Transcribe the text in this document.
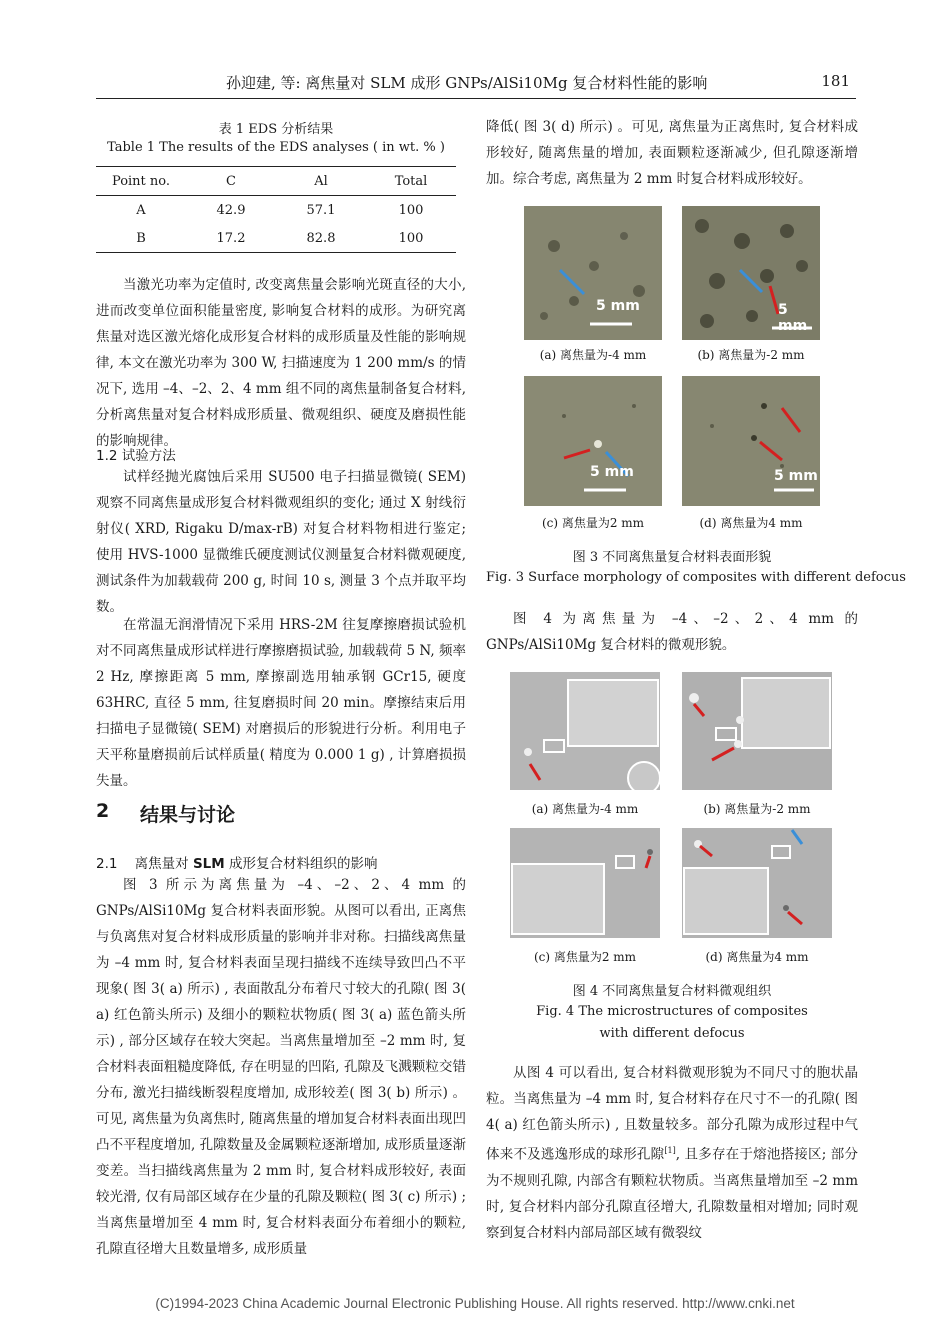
孙迎建, 等: 离焦量对 SLM 成形 GNPs/AlSi10Mg 复合材料性能的影响	181
表 1 EDS 分析结果
Table 1 The results of the EDS analyses ( in wt. % )
Point no.	C	Al	Total
A	42.9	57.1	100
B	17.2	82.8	100

当激光功率为定值时, 改变离焦量会影响光斑直径的大小, 进而改变单位面积能量密度, 影响复合材料的成形。为研究离焦量对选区激光熔化成形复合材料的成形质量及性能的影响规律, 本文在激光功率为 300 W, 扫描速度为 1 200 mm/s 的情况下, 选用 –4、–2、2、4 mm 组不同的离焦量制备复合材料, 分析离焦量对复合材料成形质量、微观组织、硬度及磨损性能的影响规律。

1.2 试验方法

试样经抛光腐蚀后采用 SU500 电子扫描显微镜( SEM) 观察不同离焦量成形复合材料微观组织的变化; 通过 X 射线衍射仪( XRD, Rigaku D/max-rB) 对复合材料物相进行鉴定; 使用 HVS-1000 显微维氏硬度测试仪测量复合材料微观硬度, 测试条件为加载载荷 200 g, 时间 10 s, 测量 3 个点并取平均数。

在常温无润滑情况下采用 HRS-2M 往复摩擦磨损试验机对不同离焦量成形试样进行摩擦磨损试验, 加载载荷 5 N, 频率 2 Hz, 摩擦距离 5 mm, 摩擦副选用轴承钢 GCr15, 硬度 63HRC, 直径 5 mm, 往复磨损时间 20 min。摩擦结束后用扫描电子显微镜( SEM) 对磨损后的形貌进行分析。利用电子天平称量磨损前后试样质量( 精度为 0.000 1 g) , 计算磨损损失量。

2 结果与讨论
2.1 离焦量对 SLM 成形复合材料组织的影响

图 3 所示为离焦量为 –4、–2、2、4 mm 的 GNPs/AlSi10Mg 复合材料表面形貌。从图可以看出, 正离焦与负离焦对复合材料成形质量的影响并非对称。扫描线离焦量为 –4 mm 时, 复合材料表面呈现扫描线不连续导致凹凸不平现象( 图 3( a) 所示) , 表面散乱分布着尺寸较大的孔隙( 图 3( a) 红色箭头所示) 及细小的颗粒状物质( 图 3( a) 蓝色箭头所示) , 部分区域存在较大突起。当离焦量增加至 –2 mm 时, 复合材料表面粗糙度降低, 存在明显的凹陷, 孔隙及飞溅颗粒交错分布, 激光扫描线断裂程度增加, 成形较差( 图 3( b) 所示) 。可见, 离焦量为负离焦时, 随离焦量的增加复合材料表面出现凹凸不平程度增加, 孔隙数量及金属颗粒逐渐增加, 成形质量逐渐变差。当扫描线离焦量为 2 mm 时, 复合材料成形较好, 表面较光滑, 仅有局部区域存在少量的孔隙及颗粒( 图 3( c) 所示) ; 当离焦量增加至 4 mm 时, 复合材料表面分布着细小的颗粒, 孔隙直径增大且数量增多, 成形质量

降低( 图 3( d) 所示) 。可见, 离焦量为正离焦时, 复合材料成形较好, 随离焦量的增加, 表面颗粒逐渐减少, 但孔隙逐渐增加。综合考虑, 离焦量为 2 mm 时复合材料成形较好。

5 mm	5 mm
(a) 离焦量为-4 mm	(b) 离焦量为-2 mm
5 mm	5 mm
(c) 离焦量为2 mm	(d) 离焦量为4 mm
图 3 不同离焦量复合材料表面形貌
Fig. 3 Surface morphology of composites with different defocus

图 4 为离焦量为 –4、–2、2、4 mm 的 GNPs/AlSi10Mg 复合材料的微观形貌。

(a) 离焦量为-4 mm	(b) 离焦量为-2 mm
(c) 离焦量为2 mm	(d) 离焦量为4 mm
图 4 不同离焦量复合材料微观组织
Fig. 4 The microstructures of composites
with different defocus

从图 4 可以看出, 复合材料微观形貌为不同尺寸的胞状晶粒。当离焦量为 –4 mm 时, 复合材料存在尺寸不一的孔隙( 图 4( a) 红色箭头所示) , 且数量较多。部分孔隙为成形过程中气体来不及逃逸形成的球形孔隙[1], 且多存在于熔池搭接区; 部分为不规则孔隙, 内部含有颗粒状物质。当离焦量增加至 –2 mm 时, 复合材料内部分孔隙直径增大, 孔隙数量相对增加; 同时观察到复合材料内部局部区域有微裂纹

(C)1994-2023 China Academic Journal Electronic Publishing House. All rights reserved. http://www.cnki.net
